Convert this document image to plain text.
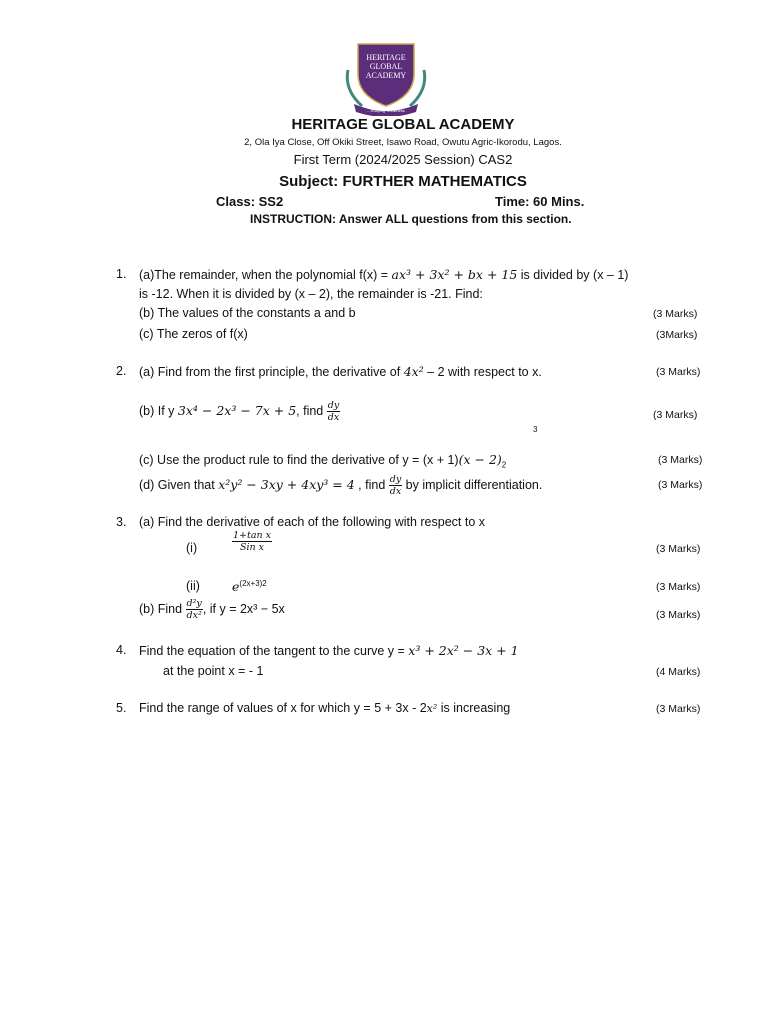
HERITAGE
GLOBAL
ACADEMY
...Shaping Greatness
HERITAGE GLOBAL ACADEMY
2, Ola Iya Close, Off Okiki Street, Isawo Road, Owutu Agric-Ikorodu, Lagos.
First Term (2024/2025 Session) CAS2
Subject: FURTHER MATHEMATICS
Class: SS2	Time: 60 Mins.
INSTRUCTION: Answer ALL questions from this section.
1. (a)The remainder, when the polynomial f(x) = ax³ + 3x² + bx + 15 is divided by (x – 1)
is -12. When it is divided by (x – 2), the remainder is -21. Find:
(b) The values of the constants a and b	(3 Marks)
(c) The zeros of f(x)	(3Marks)
2. (a) Find from the first principle, the derivative of 4x² – 2 with respect to x.	(3 Marks)
(b) If y 3x⁴ − 2x³ − 7x + 5, find $\frac{dy}{dx}$	(3 Marks)
3
(c) Use the product rule to find the derivative of $y = (x + 1)(x - 2)_2$	(3 Marks)
(d) Given that x²y² − 3xy + 4xy³ = 4 , find $\frac{dy}{dx}$ by implicit differentiation.	(3 Marks)
3. (a) Find the derivative of each of the following with respect to x
(i)	$\frac{\text{1+tan x}}{\text{Sin x}}$	(3 Marks)
(ii)	$e^{(2x+3)2}$	(3 Marks)
(b) Find $\frac{\text{d²y}}{\text{dx²}}$ , if y = 2x³ − 5x	(3 Marks)
4. Find the equation of the tangent to the curve y = x³ + 2x² − 3x + 1
at the point x = - 1	(4 Marks)
5. Find the range of values of x for which y = 5 + 3x - 2x² is increasing	(3 Marks)
